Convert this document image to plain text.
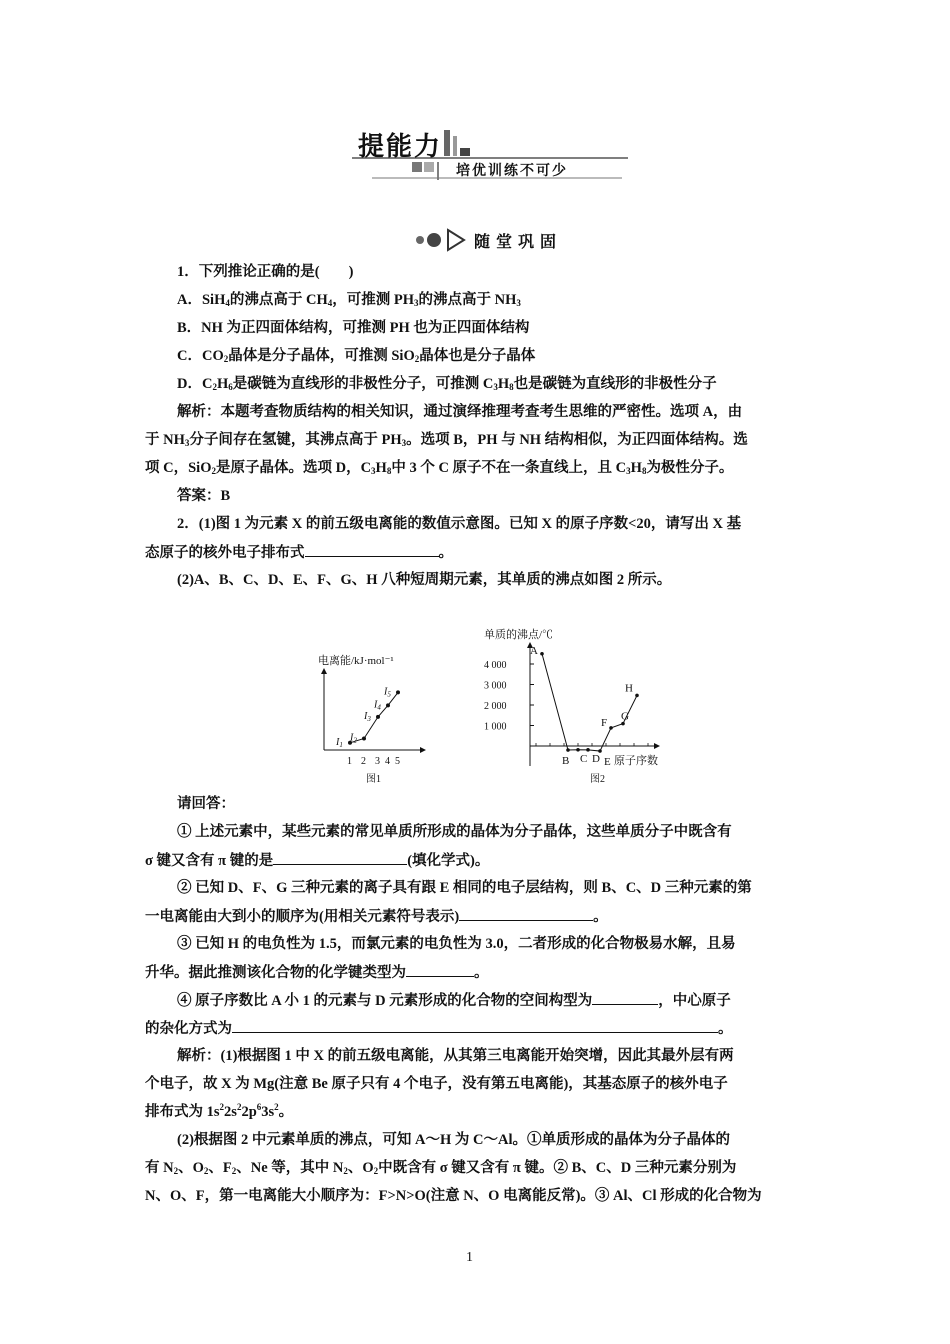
提能力
培优训练不可少
随堂巩固
1．下列推论正确的是(　　)
A．SiH$_4$的沸点高于 $CH_4$，可推测 $PH_3$的沸点高于 $NH_3$
B．NH 为正四面体结构，可推测 PH 也为正四面体结构
C．$CO_2$晶体是分子晶体，可推测 SiO$_2$晶体也是分子晶体
D．$C_2H_6$是碳链为直线形的非极性分子，可推测 $C_3H_8$也是碳链为直线形的非极性分子
解析：本题考查物质结构的相关知识，通过演绎推理考查考生思维的严密性。选项 A，由
于 $NH_3$分子间存在氢键，其沸点高于 $PH_3$。选项 B，PH 与 NH 结构相似，为正四面体结构。选
项 C，SiO$_2$是原子晶体。选项 D，$C_3H_8$中 3 个 C 原子不在一条直线上，且 $C_3H_8$为极性分子。
答案：B
2．(1)图 1 为元素 X 的前五级电离能的数值示意图。已知 X 的原子序数<20，请写出 X 基
态原子的核外电子排布式	。
(2)A、B、C、D、E、F、G、H 八种短周期元素，其单质的沸点如图 2 所示。
电离能/kJ·mol⁻¹
$I_1$
$I_2$
$I_3$
$I_4$
$I_5$
1 2 3 4 5
图1
单质的沸点/℃
1 000
2 000
3 000
4 000
A
B C D E
F
G
H
原子序数
图2
请回答：
① 上述元素中，某些元素的常见单质所形成的晶体为分子晶体，这些单质分子中既含有
σ 键又含有 π 键的是	(填化学式)。
② 已知 D、F、G 三种元素的离子具有跟 E 相同的电子层结构，则 B、C、D 三种元素的第
一电离能由大到小的顺序为(用相关元素符号表示)	。
③ 已知 H 的电负性为 1.5，而氯元素的电负性为 3.0，二者形成的化合物极易水解，且易
升华。据此推测该化合物的化学键类型为	。
④ 原子序数比 A 小 1 的元素与 D 元素形成的化合物的空间构型为	，中心原子
的杂化方式为	。
解析：(1)根据图 1 中 X 的前五级电离能，从其第三电离能开始突增，因此其最外层有两
个电子，故 X 为 Mg(注意 Be 原子只有 4 个电子，没有第五电离能)，其基态原子的核外电子
排布式为 $1s^22s^22p^63s^2$。
(2)根据图 2 中元素单质的沸点，可知 A～H 为 C～Al。①单质形成的晶体为分子晶体的
有 $N_2$、$O_2$、$F_2$、Ne 等，其中 $N_2$、$O_2$中既含有 σ 键又含有 π 键。② B、C、D 三种元素分别为
N、O、F，第一电离能大小顺序为：F>N>O(注意 N、O 电离能反常)。③ Al、Cl 形成的化合物为
1
